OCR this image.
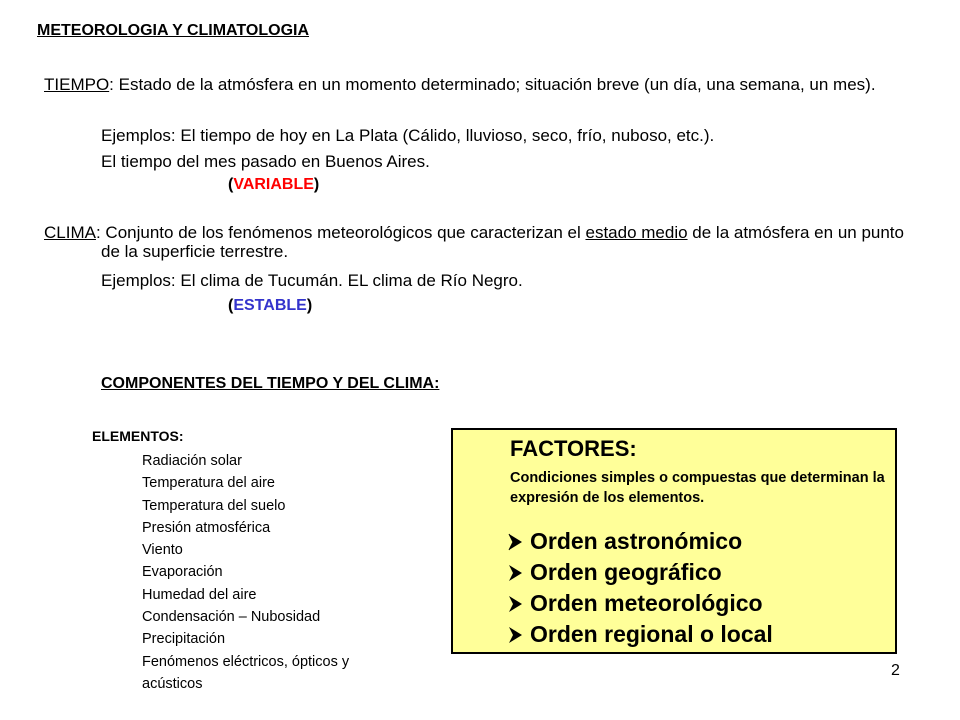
METEOROLOGIA Y CLIMATOLOGIA
TIEMPO: Estado de la atmósfera en un momento determinado; situación breve (un día, una semana, un mes).
Ejemplos: El tiempo de hoy en La Plata (Cálido, lluvioso, seco, frío, nuboso, etc.).
El tiempo del mes pasado en Buenos Aires.
(VARIABLE)
CLIMA: Conjunto de los fenómenos meteorológicos que caracterizan el estado medio de la atmósfera en un punto de la superficie terrestre.
Ejemplos: El clima de Tucumán. EL clima de Río Negro.
(ESTABLE)
COMPONENTES DEL TIEMPO Y DEL CLIMA:
ELEMENTOS:
Radiación solar
Temperatura del aire
Temperatura del suelo
Presión atmosférica
Viento
Evaporación
Humedad del aire
Condensación – Nubosidad
Precipitación
Fenómenos eléctricos, ópticos y acústicos
FACTORES:
Condiciones simples o compuestas que determinan la expresión de los elementos.
Orden astronómico
Orden geográfico
Orden meteorológico
Orden regional o local
2
